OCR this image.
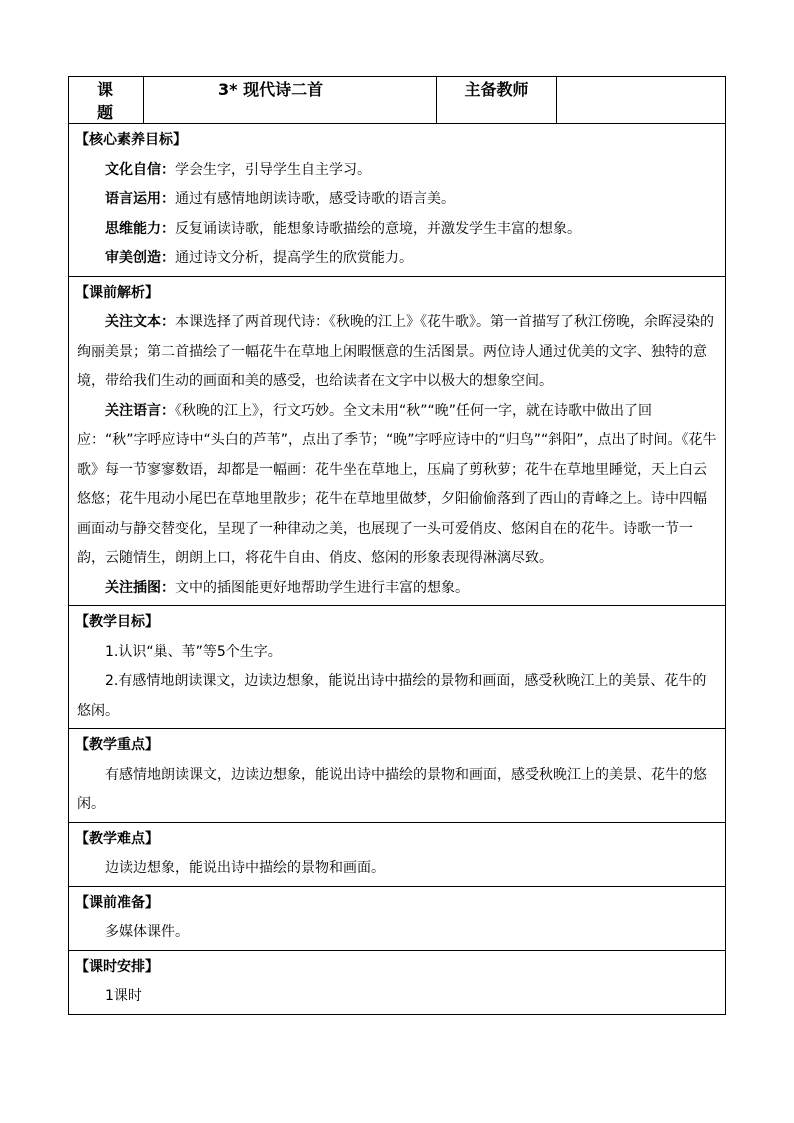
课 题	3* 现代诗二首	主备教师	

【核心素养目标】

文化自信：学会生字，引导学生自主学习。

语言运用：通过有感情地朗读诗歌，感受诗歌的语言美。

思维能力：反复诵读诗歌，能想象诗歌描绘的意境，并激发学生丰富的想象。

审美创造：通过诗文分析，提高学生的欣赏能力。

【课前解析】

关注文本：本课选择了两首现代诗：《秋晚的江上》《花牛歌》。第一首描写了秋江傍晚，余晖浸染的绚丽美景；第二首描绘了一幅花牛在草地上闲暇惬意的生活图景。两位诗人通过优美的文字、独特的意境，带给我们生动的画面和美的感受，也给读者在文字中以极大的想象空间。

关注语言：《秋晚的江上》，行文巧妙。全文未用“秋”“晚”任何一字，就在诗歌中做出了回应：“秋”字呼应诗中“头白的芦苇”，点出了季节；“晚”字呼应诗中的“归鸟”“斜阳”，点出了时间。《花牛歌》每一节寥寥数语，却都是一幅画：花牛坐在草地上，压扁了剪秋萝；花牛在草地里睡觉，天上白云悠悠；花牛甩动小尾巴在草地里散步；花牛在草地里做梦，夕阳偷偷落到了西山的青峰之上。诗中四幅画面动与静交替变化，呈现了一种律动之美，也展现了一头可爱俏皮、悠闲自在的花牛。诗歌一节一韵，云随情生，朗朗上口，将花牛自由、俏皮、悠闲的形象表现得淋漓尽致。

关注插图：文中的插图能更好地帮助学生进行丰富的想象。

【教学目标】

1.认识“巢、苇”等5个生字。

2.有感情地朗读课文，边读边想象，能说出诗中描绘的景物和画面，感受秋晚江上的美景、花牛的悠闲。

【教学重点】

有感情地朗读课文，边读边想象，能说出诗中描绘的景物和画面，感受秋晚江上的美景、花牛的悠闲。

【教学难点】

边读边想象，能说出诗中描绘的景物和画面。

【课前准备】

多媒体课件。

【课时安排】

1课时
